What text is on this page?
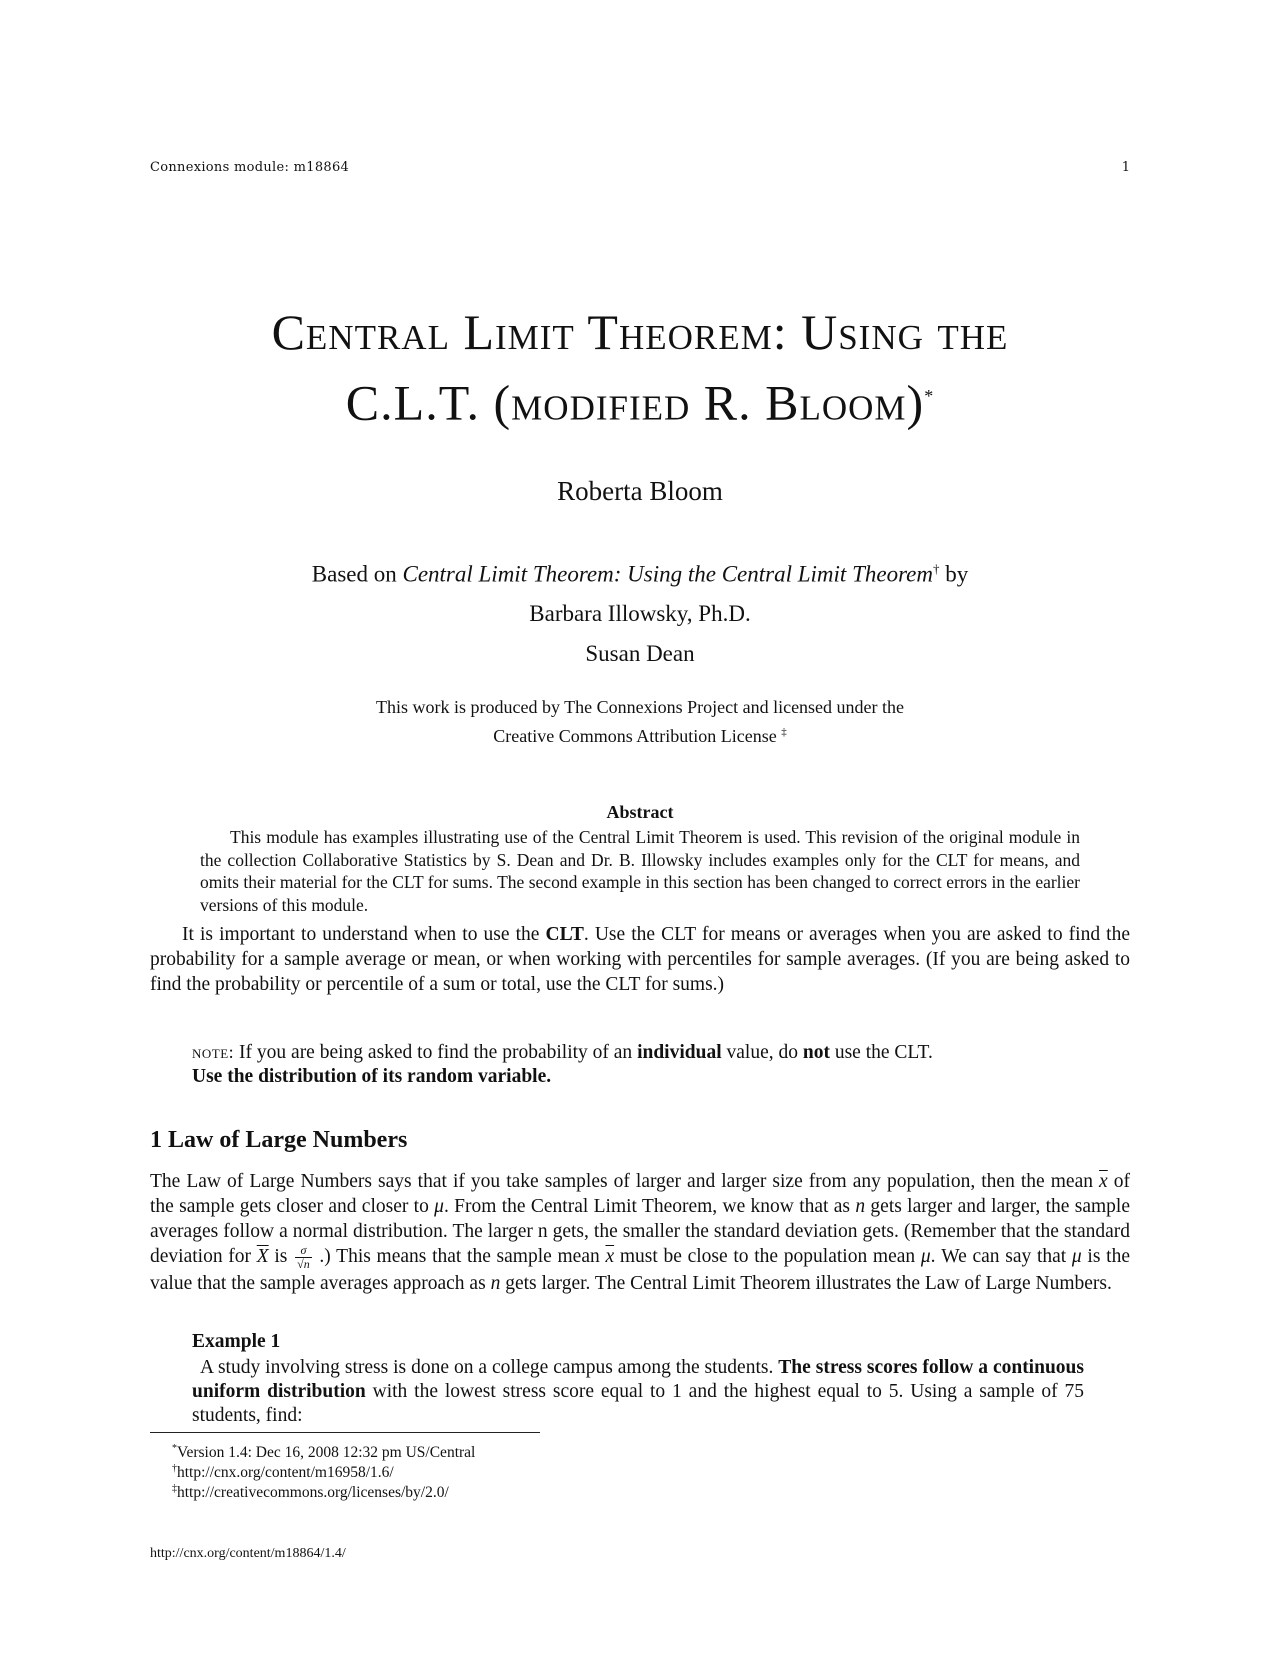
Connexions module: m18864	1
Central Limit Theorem: Using the
C.L.T. (modified R. Bloom)*
Roberta Bloom
Based on Central Limit Theorem: Using the Central Limit Theorem† by
Barbara Illowsky, Ph.D.
Susan Dean
This work is produced by The Connexions Project and licensed under the
Creative Commons Attribution License ‡
Abstract

This module has examples illustrating use of the Central Limit Theorem is used. This revision of the original module in the collection Collaborative Statistics by S. Dean and Dr. B. Illowsky includes examples only for the CLT for means, and omits their material for the CLT for sums. The second example in this section has been changed to correct errors in the earlier versions of this module.

It is important to understand when to use the CLT. Use the CLT for means or averages when you are asked to find the probability for a sample average or mean, or when working with percentiles for sample averages. (If you are being asked to find the probability or percentile of a sum or total, use the CLT for sums.)

note: If you are being asked to find the probability of an individual value, do not use the CLT.
Use the distribution of its random variable.
1 Law of Large Numbers

The Law of Large Numbers says that if you take samples of larger and larger size from any population, then the mean $\overline{x}$ of the sample gets closer and closer to μ. From the Central Limit Theorem, we know that as n gets larger and larger, the sample averages follow a normal distribution. The larger n gets, the smaller the standard deviation gets. (Remember that the standard deviation for $\overline{X}$ is $\frac{\sigma}{√n}$ .) This means that the sample mean $\overline{x}$ must be close to the population mean μ. We can say that μ is the value that the sample averages approach as n gets larger. The Central Limit Theorem illustrates the Law of Large Numbers.

Example 1

A study involving stress is done on a college campus among the students. The stress scores follow a continuous uniform distribution with the lowest stress score equal to 1 and the highest equal to 5. Using a sample of 75 students, find:

*Version 1.4: Dec 16, 2008 12:32 pm US/Central
†http://cnx.org/content/m16958/1.6/
‡http://creativecommons.org/licenses/by/2.0/
http://cnx.org/content/m18864/1.4/
